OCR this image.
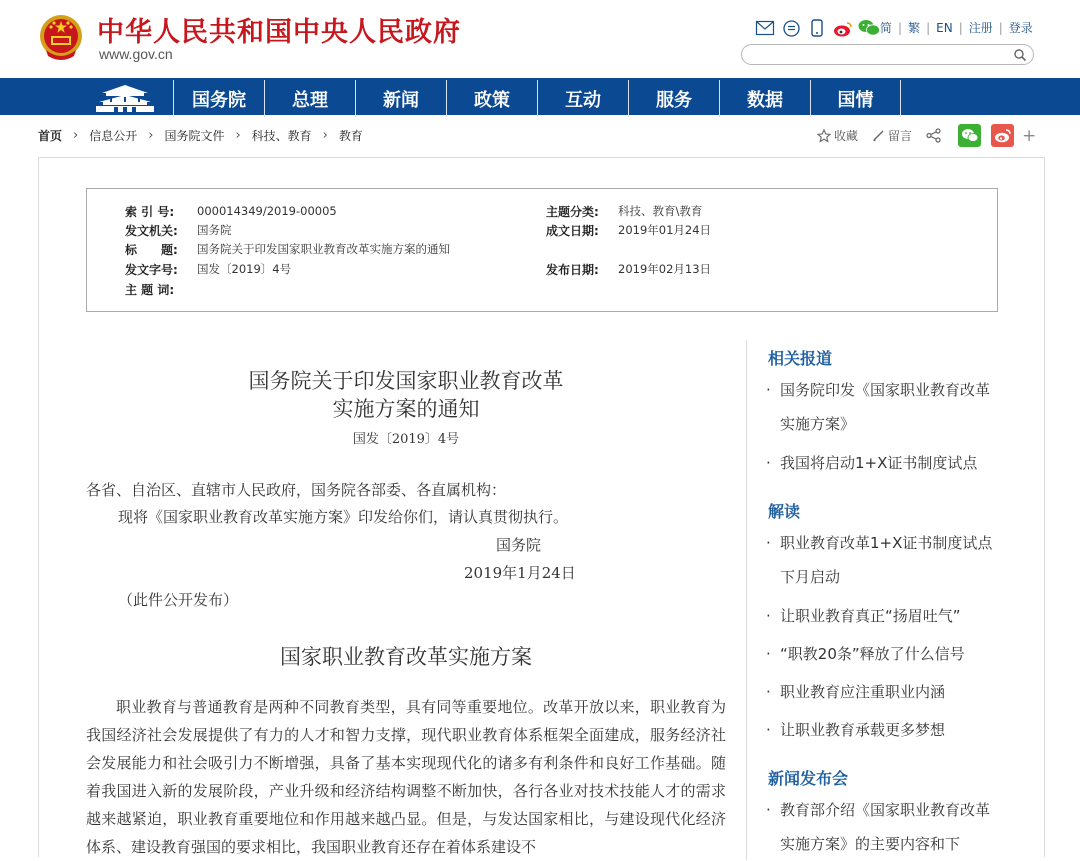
中华人民共和国中央人民政府
www.gov.cn
简 | 繁 | EN | 注册 | 登录
国务院	总理	新闻	政策	互动	服务	数据	国情
首页 › 信息公开 › 国务院文件 › 科技、教育 › 教育	收藏	留言	+
索 引 号:	000014349/2019-00005	主题分类:	科技、教育\教育
发文机关:	国务院	成文日期:	2019年01月24日
标　　题:	国务院关于印发国家职业教育改革实施方案的通知
发文字号:	国发〔2019〕4号	发布日期:	2019年02月13日
主 题 词:
国务院关于印发国家职业教育改革
实施方案的通知
国发〔2019〕4号
各省、自治区、直辖市人民政府，国务院各部委、各直属机构：
现将《国家职业教育改革实施方案》印发给你们，请认真贯彻执行。
国务院
2019年1月24日
（此件公开发布）
国家职业教育改革实施方案
职业教育与普通教育是两种不同教育类型，具有同等重要地位。改革开放以来，职业教育为我国经济社会发展提供了有力的人才和智力支撑，现代职业教育体系框架全面建成，服务经济社会发展能力和社会吸引力不断增强，具备了基本实现现代化的诸多有利条件和良好工作基础。随着我国进入新的发展阶段，产业升级和经济结构调整不断加快，各行各业对技术技能人才的需求越来越紧迫，职业教育重要地位和作用越来越凸显。但是，与发达国家相比，与建设现代化经济体系、建设教育强国的要求相比，我国职业教育还存在着体系建设不
相关报道
· 国务院印发《国家职业教育改革实施方案》
· 我国将启动1+X证书制度试点
解读
· 职业教育改革1+X证书制度试点下月启动
· 让职业教育真正“扬眉吐气”
· “职教20条”释放了什么信号
· 职业教育应注重职业内涵
· 让职业教育承载更多梦想
新闻发布会
· 教育部介绍《国家职业教育改革实施方案》的主要内容和下
